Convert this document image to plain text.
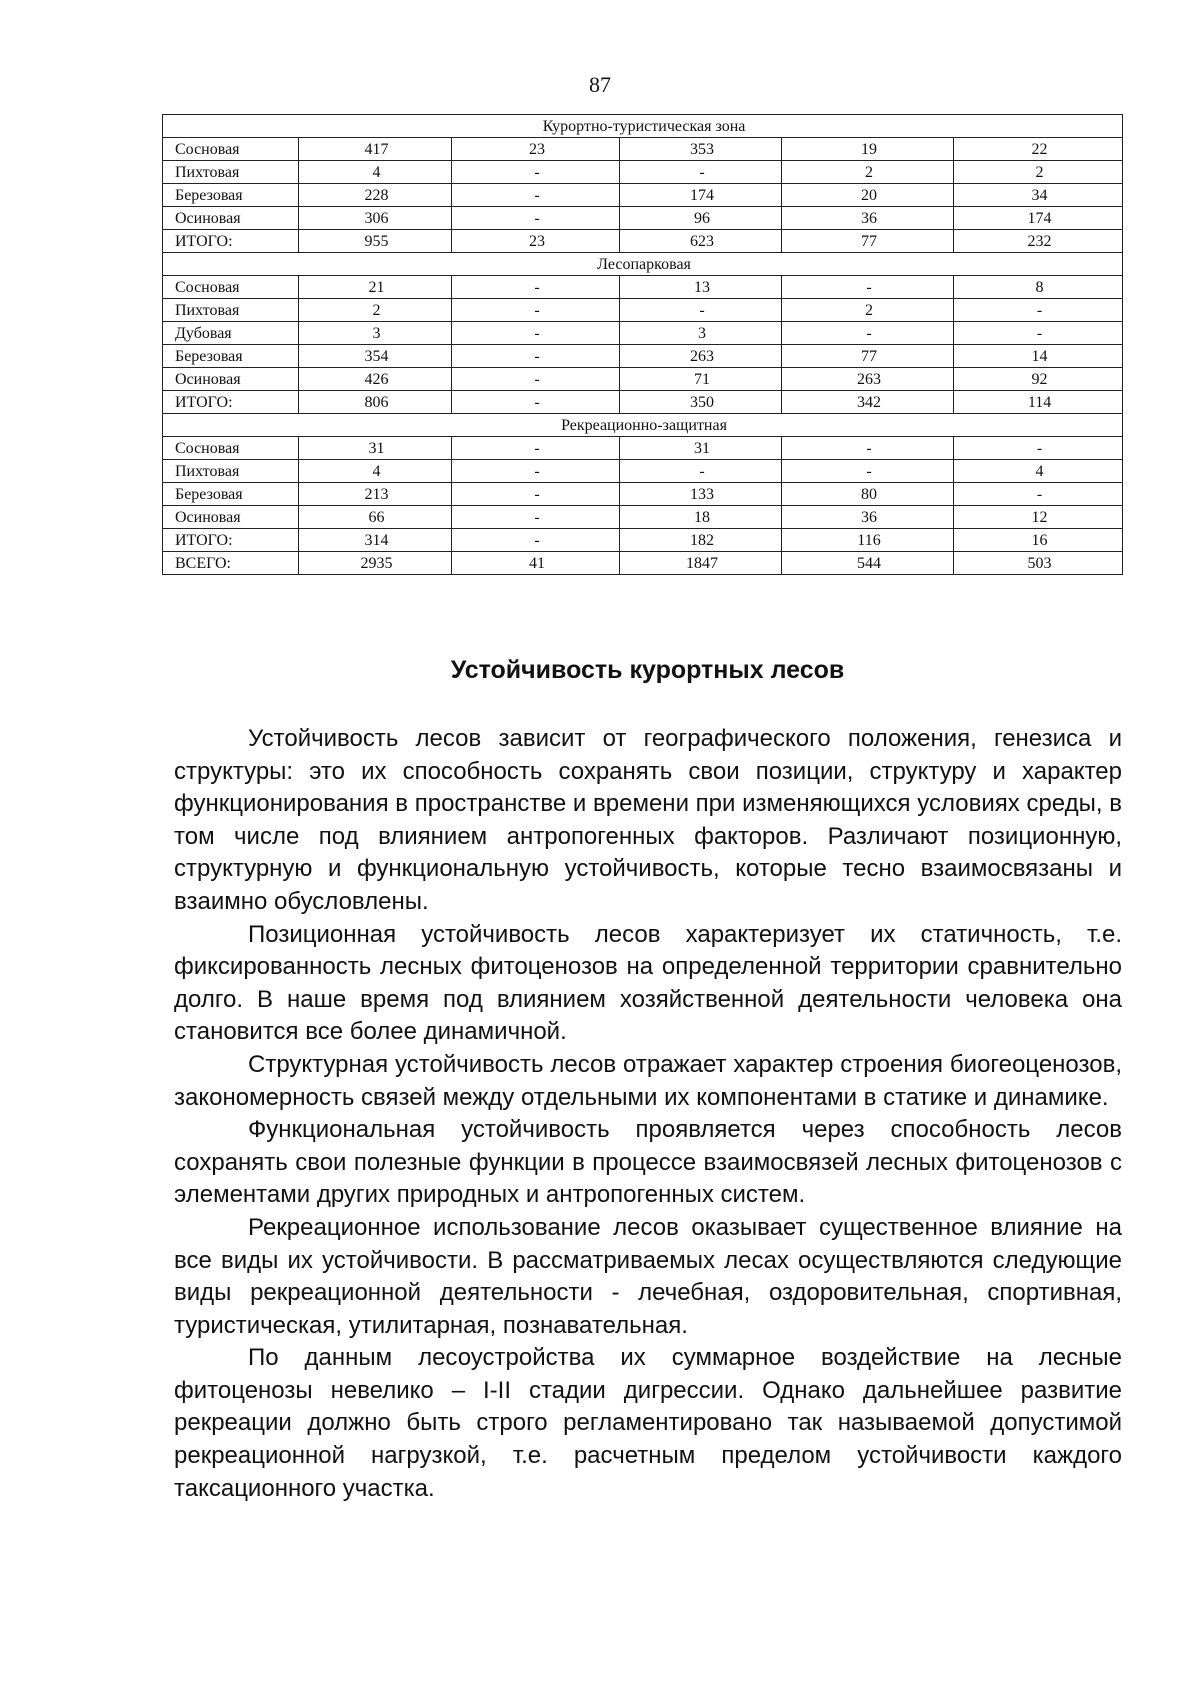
87
Курортно-туристическая зона					
Сосновая	417	23	353	19	22
Пихтовая	4	-	-	2	2
Березовая	228	-	174	20	34
Осиновая	306	-	96	36	174
ИТОГО:	955	23	623	77	232
Лесопарковая					
Сосновая	21	-	13	-	8
Пихтовая	2	-	-	2	-
Дубовая	3	-	3	-	-
Березовая	354	-	263	77	14
Осиновая	426	-	71	263	92
ИТОГО:	806	-	350	342	114
Рекреационно-защитная					
Сосновая	31	-	31	-	-
Пихтовая	4	-	-	-	4
Березовая	213	-	133	80	-
Осиновая	66	-	18	36	12
ИТОГО:	314	-	182	116	16
ВСЕГО:	2935	41	1847	544	503
Устойчивость курортных лесов

Устойчивость лесов зависит от географического положения, генезиса и структуры: это их способность сохранять свои позиции, структуру и характер функционирования в пространстве и времени при изменяющихся условиях среды, в том числе под влиянием антропогенных факторов. Различают позиционную, структурную и функциональную устойчивость, которые тесно взаимосвязаны и взаимно обусловлены.

Позиционная устойчивость лесов характеризует их статичность, т.е. фиксированность лесных фитоценозов на определенной территории сравнительно долго. В наше время под влиянием хозяйственной деятельности человека она становится все более динамичной.

Структурная устойчивость лесов отражает характер строения биогеоценозов, закономерность связей между отдельными их компонентами в статике и динамике.

Функциональная устойчивость проявляется через способность лесов сохранять свои полезные функции в процессе взаимосвязей лесных фитоценозов с элементами других природных и антропогенных систем.

Рекреационное использование лесов оказывает существенное влияние на все виды их устойчивости. В рассматриваемых лесах осуществляются следующие виды рекреационной деятельности - лечебная, оздоровительная, спортивная, туристическая, утилитарная, познавательная.

По данным лесоустройства их суммарное воздействие на лесные фитоценозы невелико – I-II стадии дигрессии. Однако дальнейшее развитие рекреации должно быть строго регламентировано так называемой допустимой рекреационной нагрузкой, т.е. расчетным пределом устойчивости каждого таксационного участка.
